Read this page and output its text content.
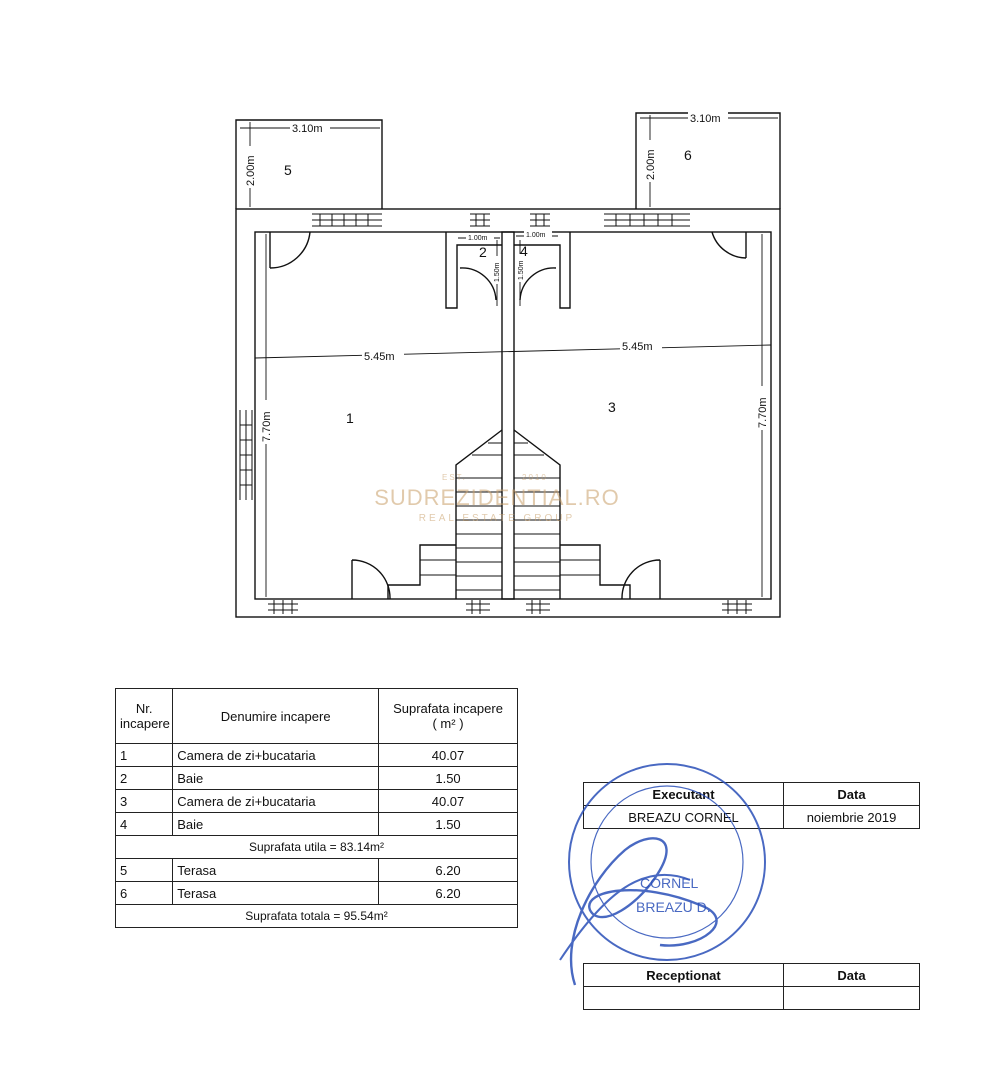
3.10m
3.10m
2.00m	2.00m
5.45m
5.45m
7.70m	7.70m
1.00m	1.00m
1.50m 1.50m
1
2
3
4
5
6
EST.	2010
SUDREZIDENTIAL.RO
REAL ESTATE GROUP
Nr. incapere	Denumire incapere	Suprafata incapere
( m² )
1	Camera de zi+bucataria	40.07
2	Baie	1.50
3	Camera de zi+bucataria	40.07
4	Baie	1.50
Suprafata utila = 83.14m²		
5	Terasa	6.20
6	Terasa	6.20
Suprafata totala = 95.54m²		
Executant	Data
BREAZU CORNEL	noiembrie 2019
Receptionat	Data

CORNEL
BREAZU D.
